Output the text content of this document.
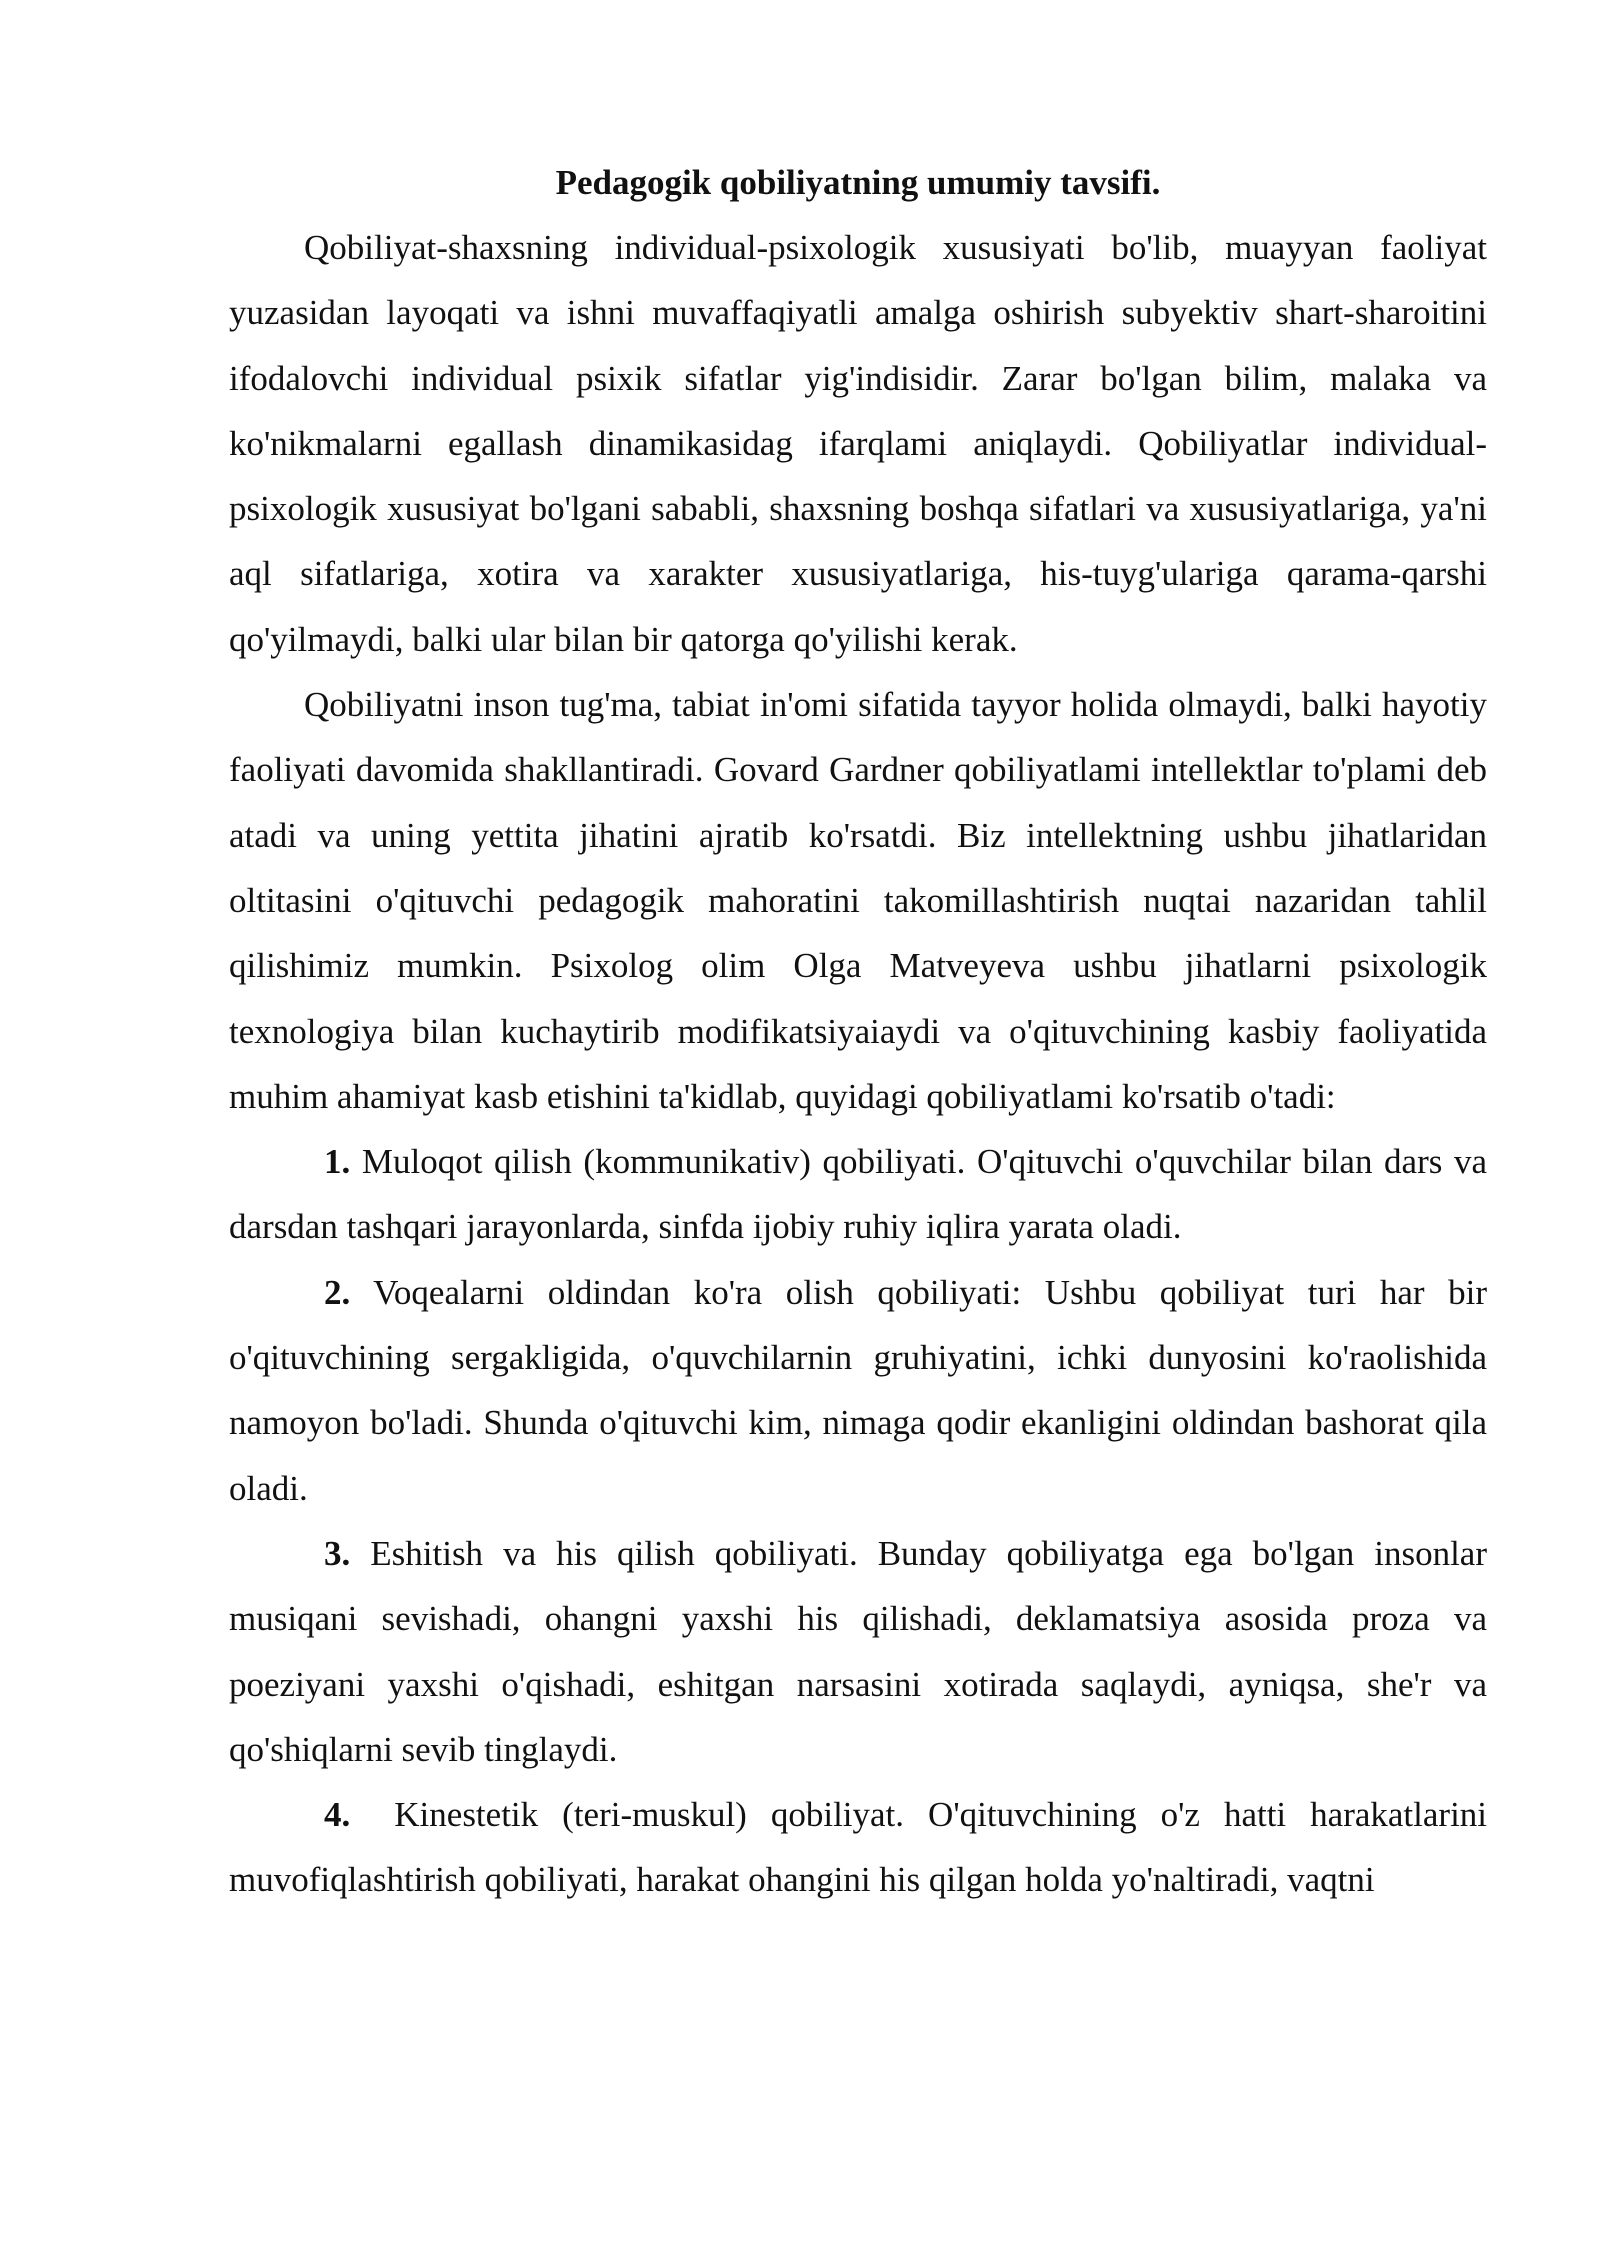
Pedagogik qobiliyatning umumiy tavsifi.

Qobiliyat-shaxsning individual-psixologik xususiyati bo'lib, muayyan faoliyat yuzasidan layoqati va ishni muvaffaqiyatli amalga oshirish subyektiv shart-sharoitini ifodalovchi individual psixik sifatlar yig'indisidir. Zarar bo'lgan bilim, malaka va ko'nikmalarni egallash dinamikasidag ifarqlami aniqlaydi. Qobiliyatlar individual-psixologik xususiyat bo'lgani sababli, shaxsning boshqa sifatlari va xususiyatlariga, ya'ni aql sifatlariga, xotira va xarakter xususiyatlariga, his-tuyg'ulariga qarama-qarshi qo'yilmaydi, balki ular bilan bir qatorga qo'yilishi kerak.

Qobiliyatni inson tug'ma, tabiat in'omi sifatida tayyor holida olmaydi, balki hayotiy faoliyati davomida shakllantiradi. Govard Gardner qobiliyatlami intellektlar to'plami deb atadi va uning yettita jihatini ajratib ko'rsatdi. Biz intellektning ushbu jihatlaridan oltitasini o'qituvchi pedagogik mahoratini takomillashtirish nuqtai nazaridan tahlil qilishimiz mumkin. Psixolog olim Olga Matveyeva ushbu jihatlarni psixologik texnologiya bilan kuchaytirib modifikatsiyaiaydi va o'qituvchining kasbiy faoliyatida muhim ahamiyat kasb etishini ta'kidlab, quyidagi qobiliyatlami ko'rsatib o'tadi:

1. Muloqot qilish (kommunikativ) qobiliyati. O'qituvchi o'quvchilar bilan dars va darsdan tashqari jarayonlarda, sinfda ijobiy ruhiy iqlira yarata oladi.

2. Voqealarni oldindan ko'ra olish qobiliyati: Ushbu qobiliyat turi har bir o'qituvchining sergakligida, o'quvchilarnin gruhiyatini, ichki dunyosini ko'raolishida namoyon bo'ladi. Shunda o'qituvchi kim, nimaga qodir ekanligini oldindan bashorat qila oladi.

3. Eshitish va his qilish qobiliyati. Bunday qobiliyatga ega bo'lgan insonlar musiqani sevishadi, ohangni yaxshi his qilishadi, deklamatsiya asosida proza va poeziyani yaxshi o'qishadi, eshitgan narsasini xotirada saqlaydi, ayniqsa, she'r va qo'shiqlarni sevib tinglaydi.

4. Kinestetik (teri-muskul) qobiliyat. O'qituvchining o'z hatti harakatlarini muvofiqlashtirish qobiliyati, harakat ohangini his qilgan holda yo'naltiradi, vaqtni
